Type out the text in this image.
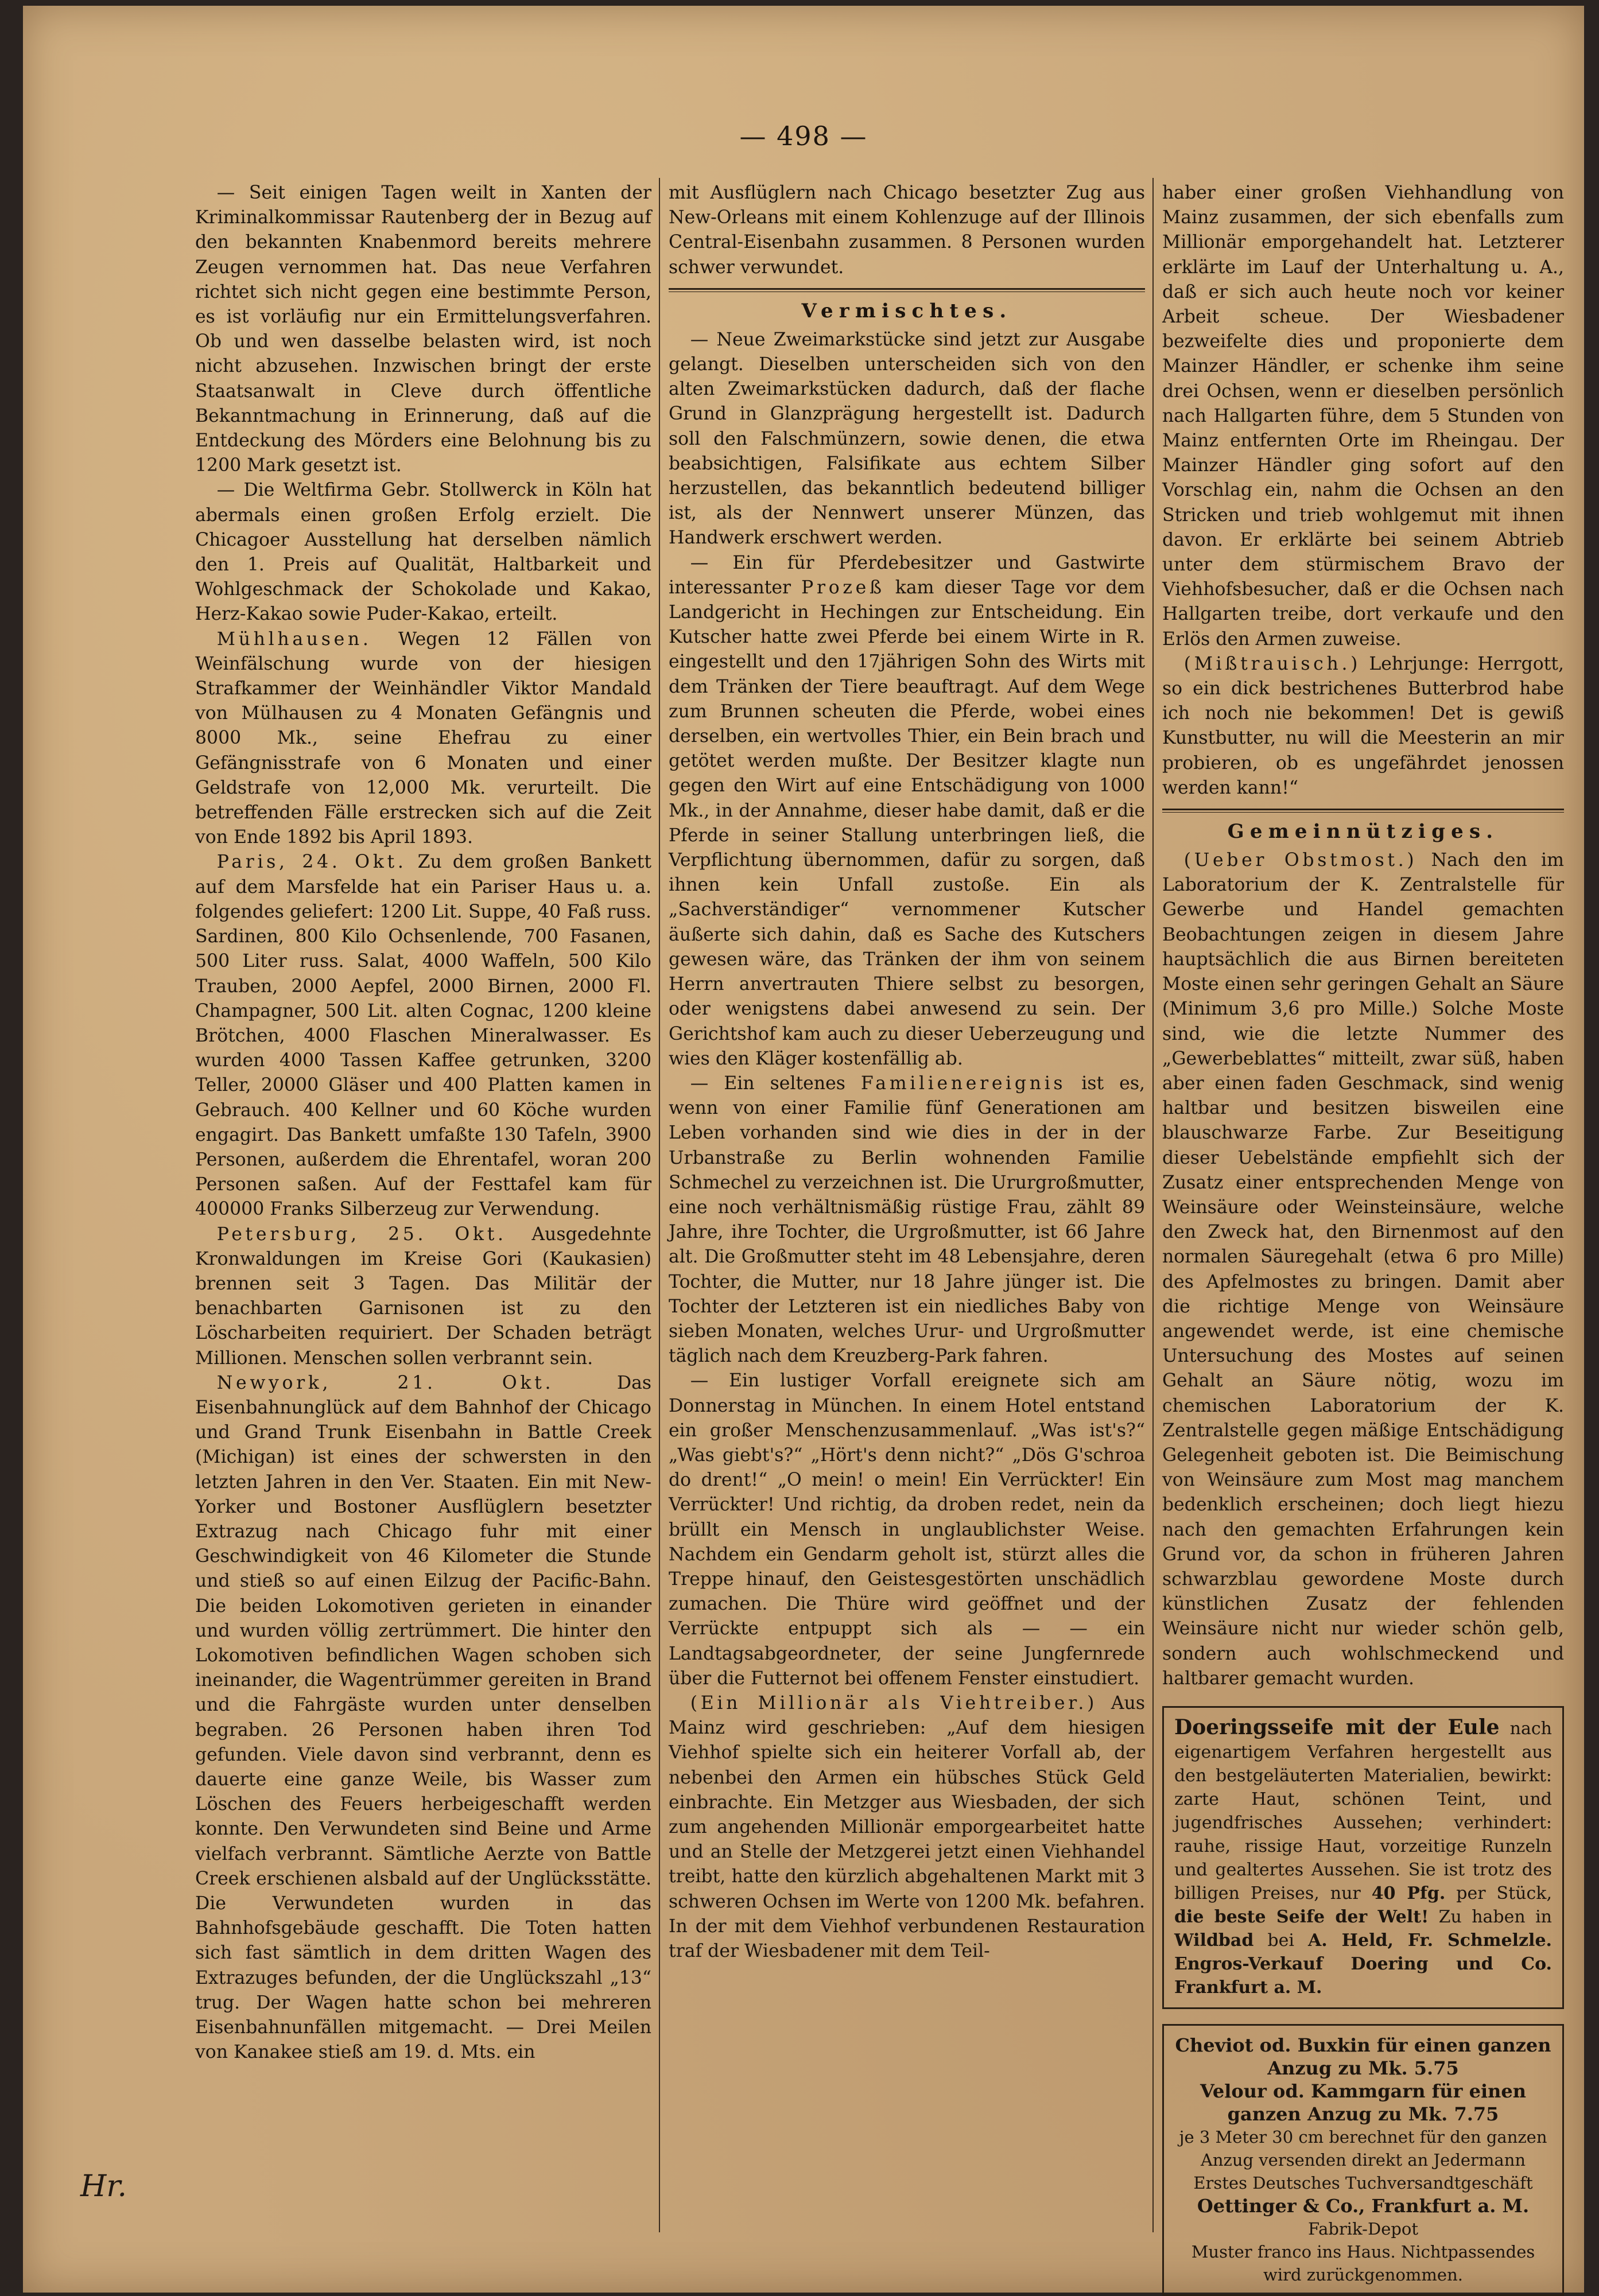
— 498 —

— Seit einigen Tagen weilt in Xanten der Kriminalkommissar Rautenberg der in Bezug auf den bekannten Knabenmord bereits mehrere Zeugen vernommen hat. Das neue Verfahren richtet sich nicht gegen eine bestimmte Person, es ist vorläufig nur ein Ermittelungsverfahren. Ob und wen dasselbe belasten wird, ist noch nicht abzusehen. Inzwischen bringt der erste Staatsanwalt in Cleve durch öffentliche Bekanntmachung in Erinnerung, daß auf die Entdeckung des Mörders eine Belohnung bis zu 1200 Mark gesetzt ist.

— Die Weltfirma Gebr. Stollwerck in Köln hat abermals einen großen Erfolg erzielt. Die Chicagoer Ausstellung hat derselben nämlich den 1. Preis auf Qualität, Haltbarkeit und Wohlgeschmack der Schokolade und Kakao, Herz-Kakao sowie Puder-Kakao, erteilt.

Mühlhausen. Wegen 12 Fällen von Weinfälschung wurde von der hiesigen Strafkammer der Weinhändler Viktor Mandald von Mülhausen zu 4 Monaten Gefängnis und 8000 Mk., seine Ehefrau zu einer Gefängnisstrafe von 6 Monaten und einer Geldstrafe von 12,000 Mk. verurteilt. Die betreffenden Fälle erstrecken sich auf die Zeit von Ende 1892 bis April 1893.

Paris, 24. Okt. Zu dem großen Bankett auf dem Marsfelde hat ein Pariser Haus u. a. folgendes geliefert: 1200 Lit. Suppe, 40 Faß russ. Sardinen, 800 Kilo Ochsenlende, 700 Fasanen, 500 Liter russ. Salat, 4000 Waffeln, 500 Kilo Trauben, 2000 Aepfel, 2000 Birnen, 2000 Fl. Champagner, 500 Lit. alten Cognac, 1200 kleine Brötchen, 4000 Flaschen Mineralwasser. Es wurden 4000 Tassen Kaffee getrunken, 3200 Teller, 20000 Gläser und 400 Platten kamen in Gebrauch. 400 Kellner und 60 Köche wurden engagirt. Das Bankett umfaßte 130 Tafeln, 3900 Personen, außerdem die Ehrentafel, woran 200 Personen saßen. Auf der Festtafel kam für 400000 Franks Silberzeug zur Verwendung.

Petersburg, 25. Okt. Ausgedehnte Kronwaldungen im Kreise Gori (Kaukasien) brennen seit 3 Tagen. Das Militär der benachbarten Garnisonen ist zu den Löscharbeiten requiriert. Der Schaden beträgt Millionen. Menschen sollen verbrannt sein.

Newyork, 21. Okt.	Das Eisenbahnunglück auf dem Bahnhof der Chicago und Grand Trunk Eisenbahn in Battle Creek (Michigan) ist eines der schwersten in den letzten Jahren in den Ver. Staaten. Ein mit New-Yorker und Bostoner Ausflüglern besetzter Extrazug nach Chicago fuhr mit einer Geschwindigkeit von 46 Kilometer die Stunde und stieß so auf einen Eilzug der Pacific-Bahn. Die beiden Lokomotiven gerieten in einander und wurden völlig zertrümmert. Die hinter den Lokomotiven befindlichen Wagen schoben sich ineinander, die Wagentrümmer gereiten in Brand und die Fahrgäste wurden unter denselben begraben. 26 Personen haben ihren Tod gefunden. Viele davon sind verbrannt, denn es dauerte eine ganze Weile, bis Wasser zum Löschen des Feuers herbeigeschafft werden konnte. Den Verwundeten sind Beine und Arme vielfach verbrannt. Sämtliche Aerzte von Battle Creek erschienen alsbald auf der Unglücksstätte. Die Verwundeten wurden in das Bahnhofsgebäude geschafft. Die Toten hatten sich fast sämtlich in dem dritten Wagen des Extrazuges befunden, der die Unglückszahl „13“ trug. Der Wagen hatte schon bei mehreren Eisenbahnunfällen mitgemacht. — Drei Meilen von Kanakee stieß am 19. d. Mts. ein

mit Ausflüglern nach Chicago besetzter Zug aus New-Orleans mit einem Kohlenzuge auf der Illinois Central-Eisenbahn zusammen. 8 Personen wurden schwer verwundet.

Vermischtes.

— Neue Zweimarkstücke sind jetzt zur Ausgabe gelangt. Dieselben unterscheiden sich von den alten Zweimarkstücken dadurch, daß der flache Grund in Glanzprägung hergestellt ist. Dadurch soll den Falschmünzern, sowie denen, die etwa beabsichtigen, Falsifikate aus echtem Silber herzustellen, das bekanntlich bedeutend billiger ist, als der Nennwert unserer Münzen, das Handwerk erschwert werden.

— Ein für Pferdebesitzer und Gastwirte interessanter Prozeß kam dieser Tage vor dem Landgericht in Hechingen zur Entscheidung. Ein Kutscher hatte zwei Pferde bei einem Wirte in R. eingestellt und den 17jährigen Sohn des Wirts mit dem Tränken der Tiere beauftragt. Auf dem Wege zum Brunnen scheuten die Pferde, wobei eines derselben, ein wertvolles Thier, ein Bein brach und getötet werden mußte. Der Besitzer klagte nun gegen den Wirt auf eine Entschädigung von 1000 Mk., in der Annahme, dieser habe damit, daß er die Pferde in seiner Stallung unterbringen ließ, die Verpflichtung übernommen, dafür zu sorgen, daß ihnen kein Unfall zustoße. Ein als „Sachverständiger“ vernommener Kutscher äußerte sich dahin, daß es Sache des Kutschers gewesen wäre, das Tränken der ihm von seinem Herrn anvertrauten Thiere selbst zu besorgen, oder wenigstens dabei anwesend zu sein. Der Gerichtshof kam auch zu dieser Ueberzeugung und wies den Kläger kostenfällig ab.

— Ein seltenes Familienereignis ist es, wenn von einer Familie fünf Generationen am Leben vorhanden sind wie dies in der in der Urbanstraße zu Berlin wohnenden Familie Schmechel zu verzeichnen ist. Die Ururgroßmutter, eine noch verhältnismäßig rüstige Frau, zählt 89 Jahre, ihre Tochter, die Urgroßmutter, ist 66 Jahre alt. Die Großmutter steht im 48 Lebensjahre, deren Tochter, die Mutter, nur 18 Jahre jünger ist. Die Tochter der Letzteren ist ein niedliches Baby von sieben Monaten, welches Urur- und Urgroßmutter täglich nach dem Kreuzberg-Park fahren.

— Ein lustiger Vorfall ereignete sich am Donnerstag in München. In einem Hotel entstand ein großer Menschenzusammenlauf. „Was ist's?“ „Was giebt's?“ „Hört's denn nicht?“ „Dös G'schroa do drent!“ „O mein! o mein! Ein Verrückter! Ein Verrückter! Und richtig, da droben redet, nein da brüllt ein Mensch in unglaublichster Weise. Nachdem ein Gendarm geholt ist, stürzt alles die Treppe hinauf, den Geistesgestörten unschädlich zumachen. Die Thüre wird geöffnet und der Verrückte entpuppt sich als — — ein Landtagsabgeordneter, der seine Jungfernrede über die Futternot bei offenem Fenster einstudiert.

(Ein Millionär als Viehtreiber.) Aus Mainz wird geschrieben: „Auf dem hiesigen Viehhof spielte sich ein heiterer Vorfall ab, der nebenbei den Armen ein hübsches Stück Geld einbrachte. Ein Metzger aus Wiesbaden, der sich zum angehenden Millionär emporgearbeitet hatte und an Stelle der Metzgerei jetzt einen Viehhandel treibt, hatte den kürzlich abgehaltenen Markt mit 3 schweren Ochsen im Werte von 1200 Mk. befahren. In der mit dem Viehhof verbundenen Restauration traf der Wiesbadener mit dem Teil-

haber einer großen Viehhandlung von Mainz zusammen, der sich ebenfalls zum Millionär emporgehandelt hat. Letzterer erklärte im Lauf der Unterhaltung u. A., daß er sich auch heute noch vor keiner Arbeit scheue. Der Wiesbadener bezweifelte dies und proponierte dem Mainzer Händler, er schenke ihm seine drei Ochsen, wenn er dieselben persönlich nach Hallgarten führe, dem 5 Stunden von Mainz entfernten Orte im Rheingau. Der Mainzer Händler ging sofort auf den Vorschlag ein, nahm die Ochsen an den Stricken und trieb wohlgemut mit ihnen davon. Er erklärte bei seinem Abtrieb unter dem stürmischem Bravo der Viehhofsbesucher, daß er die Ochsen nach Hallgarten treibe, dort verkaufe und den Erlös den Armen zuweise.

(Mißtrauisch.) Lehrjunge: Herrgott, so ein dick bestrichenes Butterbrod habe ich noch nie bekommen! Det is gewiß Kunstbutter, nu will die Meesterin an mir probieren, ob es ungefährdet jenossen werden kann!“

Gemeinnütziges.

(Ueber Obstmost.) Nach den im Laboratorium der K. Zentralstelle für Gewerbe und Handel gemachten Beobachtungen zeigen in diesem Jahre hauptsächlich die aus Birnen bereiteten Moste einen sehr geringen Gehalt an Säure (Minimum 3,6 pro Mille.) Solche Moste sind, wie die letzte Nummer des „Gewerbeblattes“ mitteilt, zwar süß, haben aber einen faden Geschmack, sind wenig haltbar und besitzen bisweilen eine blauschwarze Farbe. Zur Beseitigung dieser Uebelstände empfiehlt sich der Zusatz einer entsprechenden Menge von Weinsäure oder Weinsteinsäure, welche den Zweck hat, den Birnenmost auf den normalen Säuregehalt (etwa 6 pro Mille) des Apfelmostes zu bringen. Damit aber die richtige Menge von Weinsäure angewendet werde, ist eine chemische Untersuchung des Mostes auf seinen Gehalt an Säure nötig, wozu im chemischen Laboratorium der K. Zentralstelle gegen mäßige Entschädigung Gelegenheit geboten ist. Die Beimischung von Weinsäure zum Most mag manchem bedenklich erscheinen; doch liegt hiezu nach den gemachten Erfahrungen kein Grund vor, da schon in früheren Jahren schwarzblau gewordene Moste durch künstlichen Zusatz der fehlenden Weinsäure nicht nur wieder schön gelb, sondern auch wohlschmeckend und haltbarer gemacht wurden.

Doeringsseife mit der Eule nach eigenartigem Verfahren hergestellt aus den bestgeläuterten Materialien, bewirkt: zarte Haut, schönen Teint, und jugendfrisches Aussehen; verhindert: rauhe, rissige Haut, vorzeitige Runzeln und gealtertes Aussehen. Sie ist trotz des billigen Preises, nur 40 Pfg. per Stück, die beste Seife der Welt! Zu haben in Wildbad bei A. Held, Fr. Schmelzle. Engros-Verkauf Doering und Co. Frankfurt a. M.
Cheviot od. Buxkin für einen ganzen Anzug zu Mk. 5.75
Velour od. Kammgarn für einen ganzen Anzug zu Mk. 7.75
je 3 Meter 30 cm berechnet für den ganzen Anzug versenden direkt an Jedermann
Erstes Deutsches Tuchversandtgeschäft
Oettinger & Co., Frankfurt a. M.
Fabrik-Depot
Muster franco ins Haus. Nichtpassendes wird zurückgenommen.
Hr.
